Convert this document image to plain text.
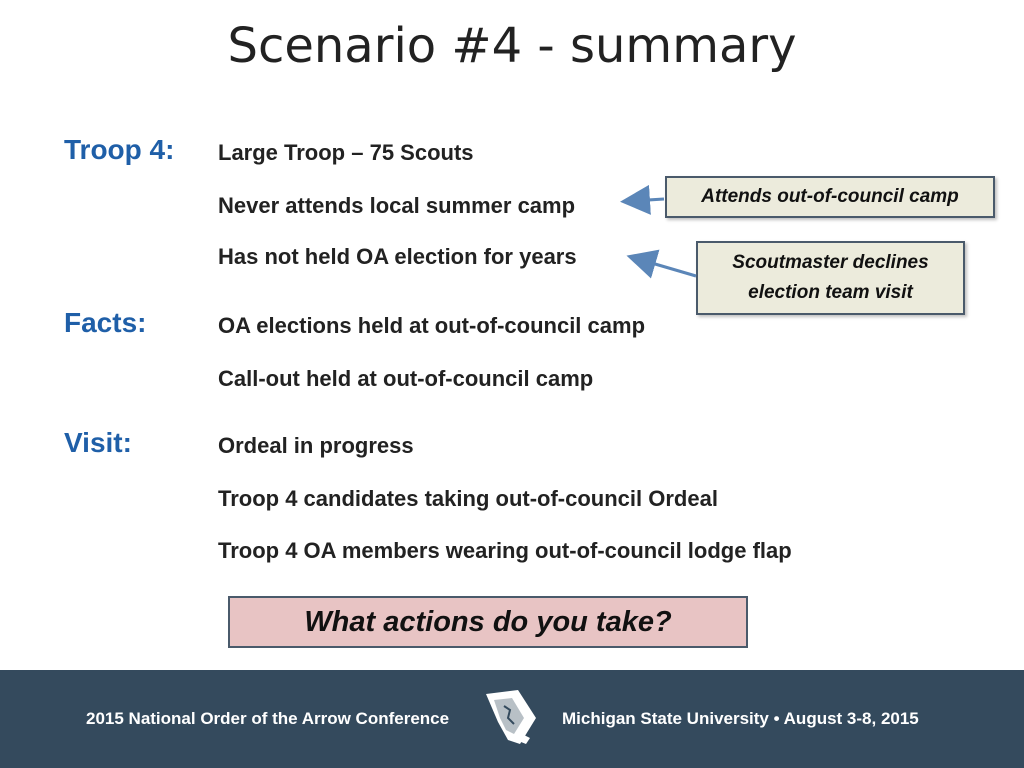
Scenario #4 - summary
Troop 4: Large Troop – 75 Scouts
Never attends local summer camp
Has not held OA election for years
Facts:	OA elections held at out-of-council camp
Call-out held at out-of-council camp
Visit:	Ordeal in progress
Troop 4 candidates taking out-of-council Ordeal
Troop 4 OA members wearing out-of-council lodge flap
Attends out-of-council camp
Scoutmaster declines
election team visit
What actions do you take?
2015 National Order of the Arrow Conference	Michigan State University • August 3-8, 2015
